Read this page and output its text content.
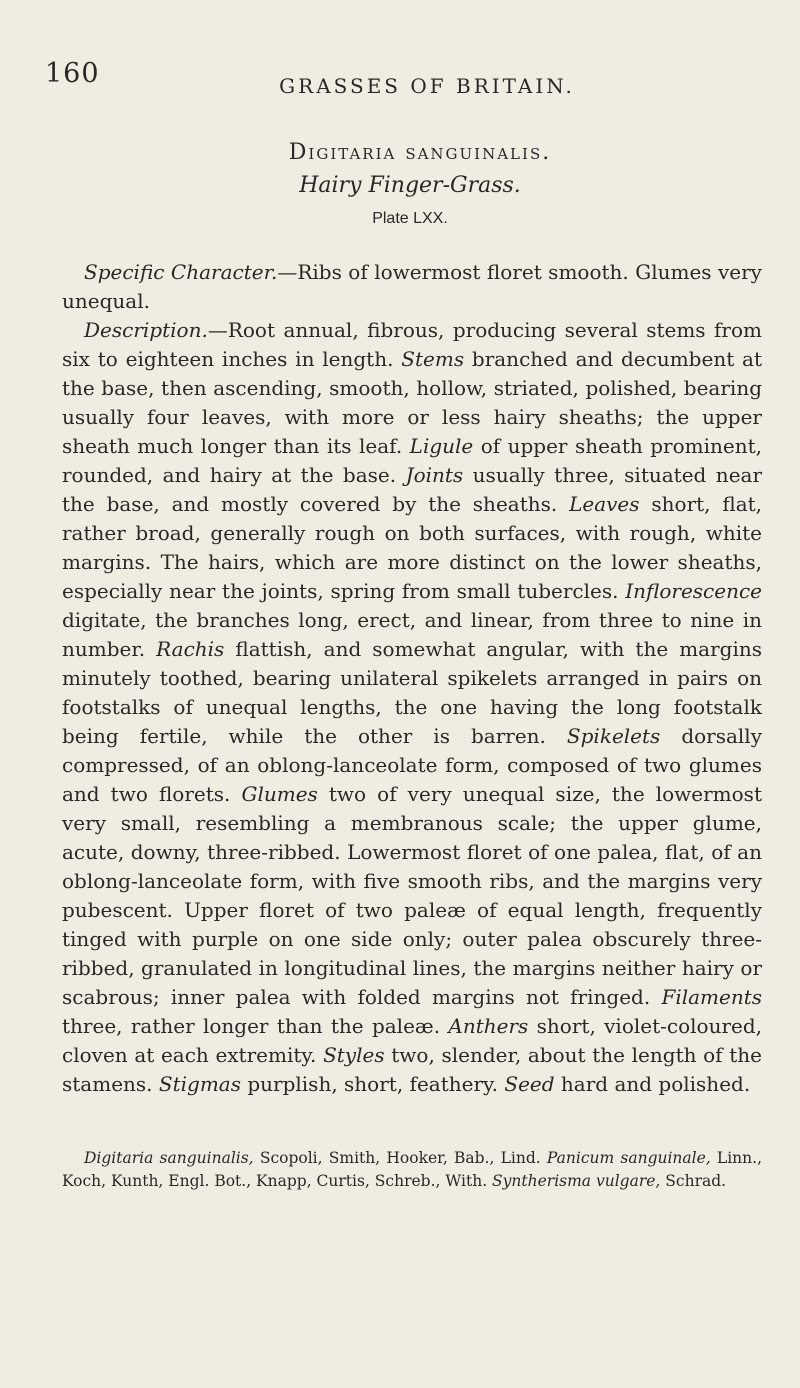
160	GRASSES OF BRITAIN.
Digitaria sanguinalis.
Hairy Finger-Grass.
Plate LXX.

Specific Character.—Ribs of lowermost floret smooth. Glumes very unequal.

Description.—Root annual, fibrous, producing several stems from six to eighteen inches in length. Stems branched and decumbent at the base, then ascending, smooth, hollow, striated, polished, bearing usually four leaves, with more or less hairy sheaths; the upper sheath much longer than its leaf. Ligule of upper sheath prominent, rounded, and hairy at the base. Joints usually three, situated near the base, and mostly covered by the sheaths. Leaves short, flat, rather broad, generally rough on both surfaces, with rough, white margins. The hairs, which are more distinct on the lower sheaths, especially near the joints, spring from small tubercles. Inflorescence digitate, the branches long, erect, and linear, from three to nine in number. Rachis flattish, and somewhat angular, with the margins minutely toothed, bearing unilateral spikelets arranged in pairs on footstalks of unequal lengths, the one having the long footstalk being fertile, while the other is barren. Spikelets dorsally compressed, of an oblong-lanceolate form, composed of two glumes and two florets. Glumes two of very unequal size, the lowermost very small, resembling a membranous scale; the upper glume, acute, downy, three-ribbed. Lowermost floret of one palea, flat, of an oblong-lanceolate form, with five smooth ribs, and the margins very pubescent. Upper floret of two paleæ of equal length, frequently tinged with purple on one side only; outer palea obscurely three-ribbed, granulated in longitudinal lines, the margins neither hairy or scabrous; inner palea with folded margins not fringed. Filaments three, rather longer than the paleæ. Anthers short, violet-coloured, cloven at each extremity. Styles two, slender, about the length of the stamens. Stigmas purplish, short, feathery. Seed hard and polished.

Digitaria sanguinalis, Scopoli, Smith, Hooker, Bab., Lind. Panicum sanguinale, Linn., Koch, Kunth, Engl. Bot., Knapp, Curtis, Schreb., With. Syntherisma vulgare, Schrad.
